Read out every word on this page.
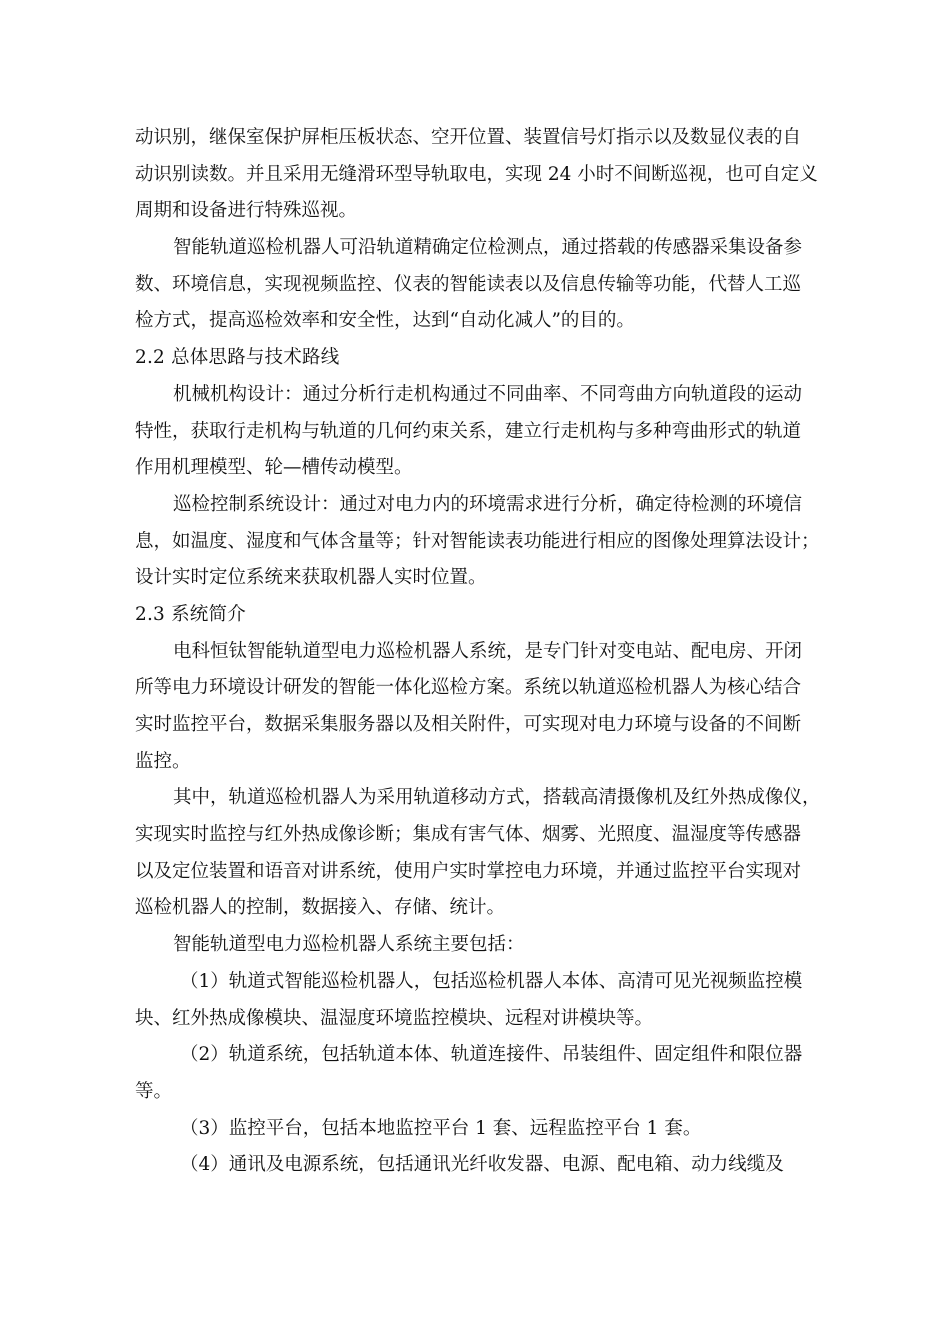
动识别，继保室保护屏柜压板状态、空开位置、装置信号灯指示以及数显仪表的自
动识别读数。并且采用无缝滑环型导轨取电，实现 24 小时不间断巡视，也可自定义
周期和设备进行特殊巡视。
智能轨道巡检机器人可沿轨道精确定位检测点，通过搭载的传感器采集设备参
数、环境信息，实现视频监控、仪表的智能读表以及信息传输等功能，代替人工巡
检方式，提高巡检效率和安全性，达到“自动化减人”的目的。
2.2 总体思路与技术路线
机械机构设计：通过分析行走机构通过不同曲率、不同弯曲方向轨道段的运动
特性，获取行走机构与轨道的几何约束关系，建立行走机构与多种弯曲形式的轨道
作用机理模型、轮—槽传动模型。
巡检控制系统设计：通过对电力内的环境需求进行分析，确定待检测的环境信
息，如温度、湿度和气体含量等；针对智能读表功能进行相应的图像处理算法设计；
设计实时定位系统来获取机器人实时位置。
2.3 系统简介
电科恒钛智能轨道型电力巡检机器人系统，是专门针对变电站、配电房、开闭
所等电力环境设计研发的智能一体化巡检方案。系统以轨道巡检机器人为核心结合
实时监控平台，数据采集服务器以及相关附件，可实现对电力环境与设备的不间断
监控。
其中，轨道巡检机器人为采用轨道移动方式，搭载高清摄像机及红外热成像仪，
实现实时监控与红外热成像诊断；集成有害气体、烟雾、光照度、温湿度等传感器
以及定位装置和语音对讲系统，使用户实时掌控电力环境，并通过监控平台实现对
巡检机器人的控制，数据接入、存储、统计。
智能轨道型电力巡检机器人系统主要包括：
（1）轨道式智能巡检机器人，包括巡检机器人本体、高清可见光视频监控模
块、红外热成像模块、温湿度环境监控模块、远程对讲模块等。
（2）轨道系统，包括轨道本体、轨道连接件、吊装组件、固定组件和限位器
等。
（3）监控平台，包括本地监控平台 1 套、远程监控平台 1 套。
（4）通讯及电源系统，包括通讯光纤收发器、电源、配电箱、动力线缆及
